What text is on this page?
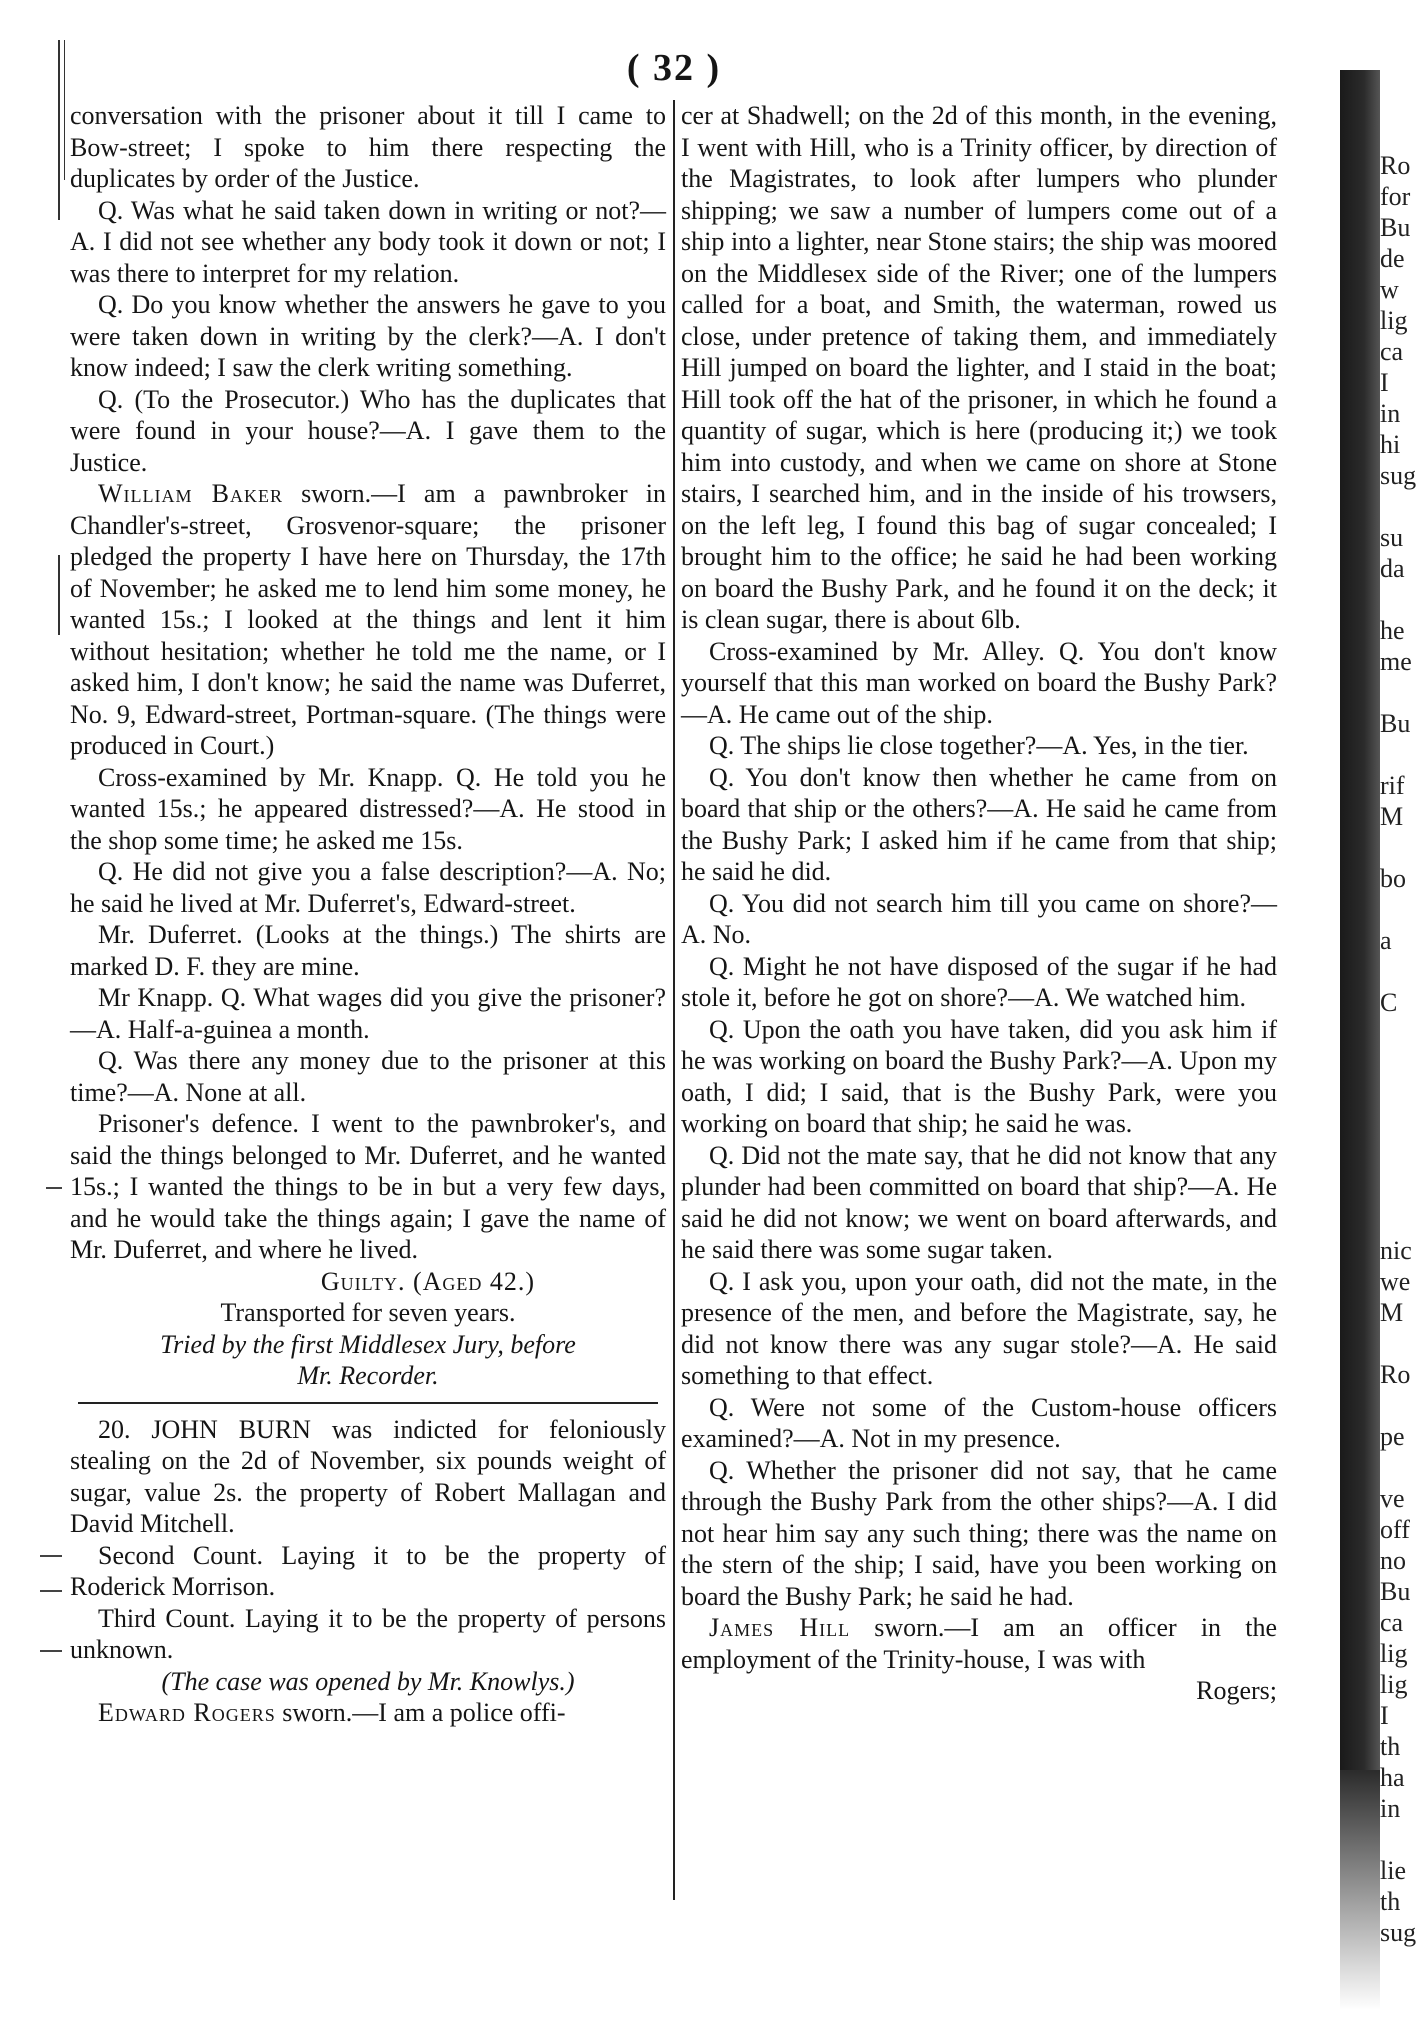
( 32 )

conversation with the prisoner about it till I came to Bow-street; I spoke to him there respecting the duplicates by order of the Justice.

Q. Was what he said taken down in writing or not?—A. I did not see whether any body took it down or not; I was there to interpret for my relation.

Q. Do you know whether the answers he gave to you were taken down in writing by the clerk?—A. I don't know indeed; I saw the clerk writing something.

Q. (To the Prosecutor.) Who has the duplicates that were found in your house?—A. I gave them to the Justice.

William Baker sworn.—I am a pawnbroker in Chandler's-street, Grosvenor-square; the prisoner pledged the property I have here on Thursday, the 17th of November; he asked me to lend him some money, he wanted 15s.; I looked at the things and lent it him without hesitation; whether he told me the name, or I asked him, I don't know; he said the name was Duferret, No. 9, Edward-street, Portman-square. (The things were produced in Court.)

Cross-examined by Mr. Knapp. Q. He told you he wanted 15s.; he appeared distressed?—A. He stood in the shop some time; he asked me 15s.

Q. He did not give you a false description?—A. No; he said he lived at Mr. Duferret's, Edward-street.

Mr. Duferret. (Looks at the things.) The shirts are marked D. F. they are mine.

Mr Knapp. Q. What wages did you give the prisoner?—A. Half-a-guinea a month.

Q. Was there any money due to the prisoner at this time?—A. None at all.

Prisoner's defence. I went to the pawnbroker's, and said the things belonged to Mr. Duferret, and he wanted 15s.; I wanted the things to be in but a very few days, and he would take the things again; I gave the name of Mr. Duferret, and where he lived.

Guilty. (Aged 42.)

Transported for seven years.

Tried by the first Middlesex Jury, before

Mr. Recorder.

20. JOHN BURN was indicted for feloniously stealing on the 2d of November, six pounds weight of sugar, value 2s. the property of Robert Mallagan and David Mitchell.

Second Count. Laying it to be the property of Roderick Morrison.

Third Count. Laying it to be the property of persons unknown.

(The case was opened by Mr. Knowlys.)

Edward Rogers sworn.—I am a police offi-

cer at Shadwell; on the 2d of this month, in the evening, I went with Hill, who is a Trinity officer, by direction of the Magistrates, to look after lumpers who plunder shipping; we saw a number of lumpers come out of a ship into a lighter, near Stone stairs; the ship was moored on the Middlesex side of the River; one of the lumpers called for a boat, and Smith, the waterman, rowed us close, under pretence of taking them, and immediately Hill jumped on board the lighter, and I staid in the boat; Hill took off the hat of the prisoner, in which he found a quantity of sugar, which is here (producing it;) we took him into custody, and when we came on shore at Stone stairs, I searched him, and in the inside of his trowsers, on the left leg, I found this bag of sugar concealed; I brought him to the office; he said he had been working on board the Bushy Park, and he found it on the deck; it is clean sugar, there is about 6lb.

Cross-examined by Mr. Alley. Q. You don't know yourself that this man worked on board the Bushy Park?—A. He came out of the ship.

Q. The ships lie close together?—A. Yes, in the tier.

Q. You don't know then whether he came from on board that ship or the others?—A. He said he came from the Bushy Park; I asked him if he came from that ship; he said he did.

Q. You did not search him till you came on shore?—A. No.

Q. Might he not have disposed of the sugar if he had stole it, before he got on shore?—A. We watched him.

Q. Upon the oath you have taken, did you ask him if he was working on board the Bushy Park?—A. Upon my oath, I did; I said, that is the Bushy Park, were you working on board that ship; he said he was.

Q. Did not the mate say, that he did not know that any plunder had been committed on board that ship?—A. He said he did not know; we went on board afterwards, and he said there was some sugar taken.

Q. I ask you, upon your oath, did not the mate, in the presence of the men, and before the Magistrate, say, he did not know there was any sugar stole?—A. He said something to that effect.

Q. Were not some of the Custom-house officers examined?—A. Not in my presence.

Q. Whether the prisoner did not say, that he came through the Bushy Park from the other ships?—A. I did not hear him say any such thing; there was the name on the stern of the ship; I said, have you been working on board the Bushy Park; he said he had.

James Hill sworn.—I am an officer in the employment of the Trinity-house, I was with

Rogers;

Ro
for
Bu
de
w
lig
ca
I
in
hi
sug
su
da
he
me
Bu
rif
M
bo
a
C
nic
we
M
Ro
pe
ve
off
no
Bu
ca
lig
lig
I
th
ha
in
lie
th
sug
